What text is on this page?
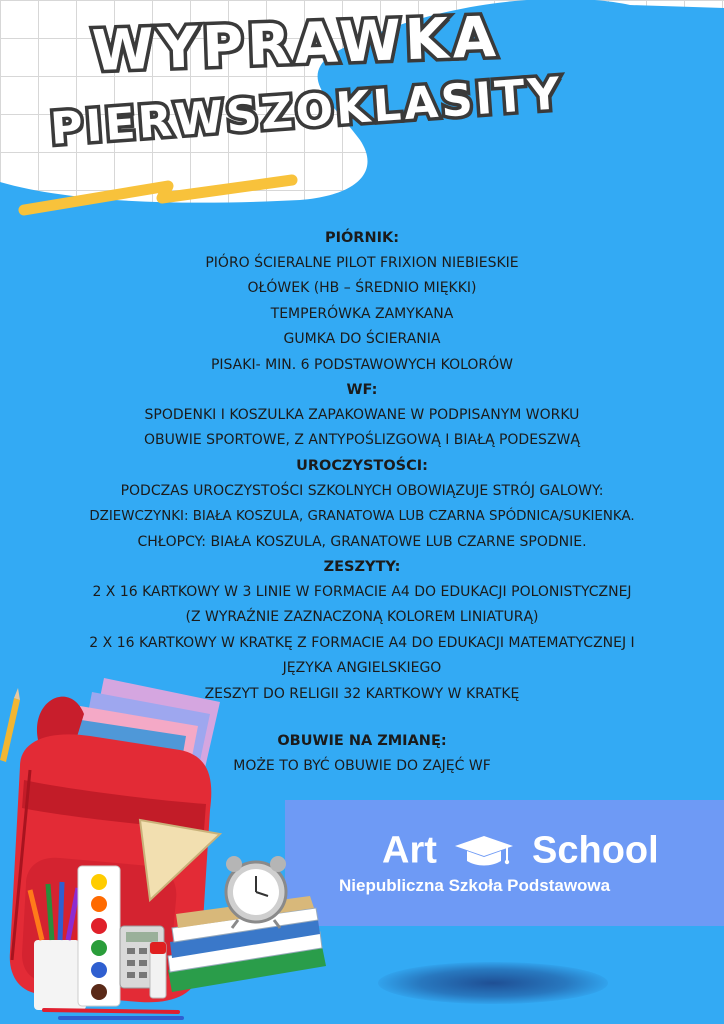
WYPRAWKA
PIERWSZOKLASITY
PIÓRNIK:
PIÓRO ŚCIERALNE PILOT FRIXION NIEBIESKIE
OŁÓWEK (HB – ŚREDNIO MIĘKKI)
TEMPERÓWKA ZAMYKANA
GUMKA DO ŚCIERANIA
PISAKI- MIN. 6 PODSTAWOWYCH KOLORÓW
WF:
SPODENKI I KOSZULKA ZAPAKOWANE W PODPISANYM WORKU
OBUWIE SPORTOWE, Z ANTYPOŚLIZGOWĄ I BIAŁĄ PODESZWĄ
UROCZYSTOŚCI:
PODCZAS UROCZYSTOŚCI SZKOLNYCH OBOWIĄZUJE STRÓJ GALOWY:
DZIEWCZYNKI: BIAŁA KOSZULA, GRANATOWA LUB CZARNA SPÓDNICA/SUKIENKA.
CHŁOPCY: BIAŁA KOSZULA, GRANATOWE LUB CZARNE SPODNIE.
ZESZYTY:
2 X 16 KARTKOWY W 3 LINIE W FORMACIE A4 DO EDUKACJI POLONISTYCZNEJ
(Z WYRAŹNIE ZAZNACZONĄ KOLOREM LINIATURĄ)
2 X 16 KARTKOWY W KRATKĘ Z FORMACIE A4 DO EDUKACJI MATEMATYCZNEJ I
JĘZYKA ANGIELSKIEGO
ZESZYT DO RELIGII 32 KARTKOWY W KRATKĘ
OBUWIE NA ZMIANĘ:
MOŻE TO BYĆ OBUWIE DO ZAJĘĆ WF
Art	School
Niepubliczna Szkoła Podstawowa
